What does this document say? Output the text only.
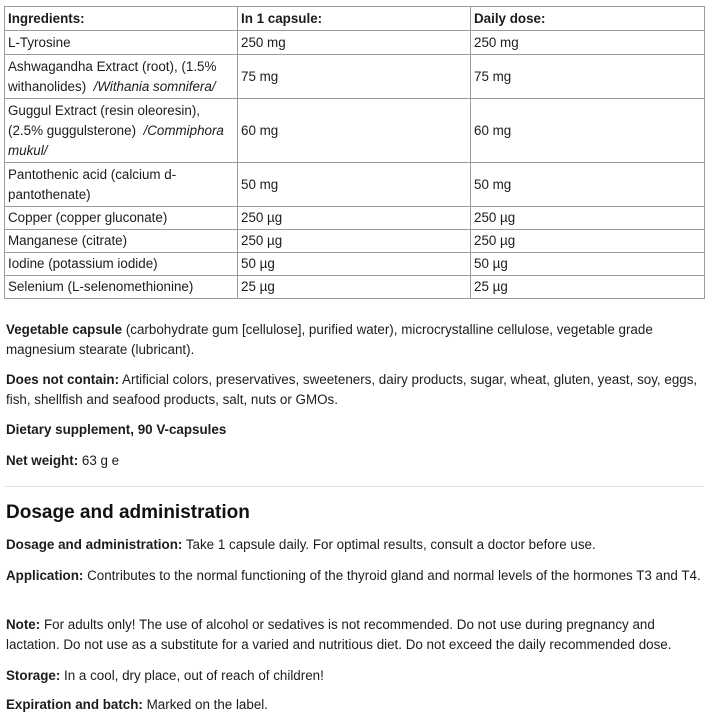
Ingredients:	In 1 capsule:	Daily dose:
L-Tyrosine	250 mg	250 mg
Ashwagandha Extract (root), (1.5% withanolides) /Withania somnifera/	75 mg	75 mg
Guggul Extract (resin oleoresin), (2.5% guggulsterone) /Commiphora mukul/	60 mg	60 mg
Pantothenic acid (calcium d-pantothenate)	50 mg	50 mg
Copper (copper gluconate)	250 µg	250 µg
Manganese (citrate)	250 µg	250 µg
Iodine (potassium iodide)	50 µg	50 µg
Selenium (L-selenomethionine)	25 µg	25 µg

Vegetable capsule (carbohydrate gum [cellulose], purified water), microcrystalline cellulose, vegetable grade magnesium stearate (lubricant).

Does not contain: Artificial colors, preservatives, sweeteners, dairy products, sugar, wheat, gluten, yeast, soy, eggs, fish, shellfish and seafood products, salt, nuts or GMOs.

Dietary supplement, 90 V-capsules

Net weight: 63 g e

Dosage and administration

Dosage and administration: Take 1 capsule daily. For optimal results, consult a doctor before use.

Application: Contributes to the normal functioning of the thyroid gland and normal levels of the hormones T3 and T4.

Note: For adults only! The use of alcohol or sedatives is not recommended. Do not use during pregnancy and lactation. Do not use as a substitute for a varied and nutritious diet. Do not exceed the daily recommended dose.

Storage: In a cool, dry place, out of reach of children!

Expiration and batch: Marked on the label.
